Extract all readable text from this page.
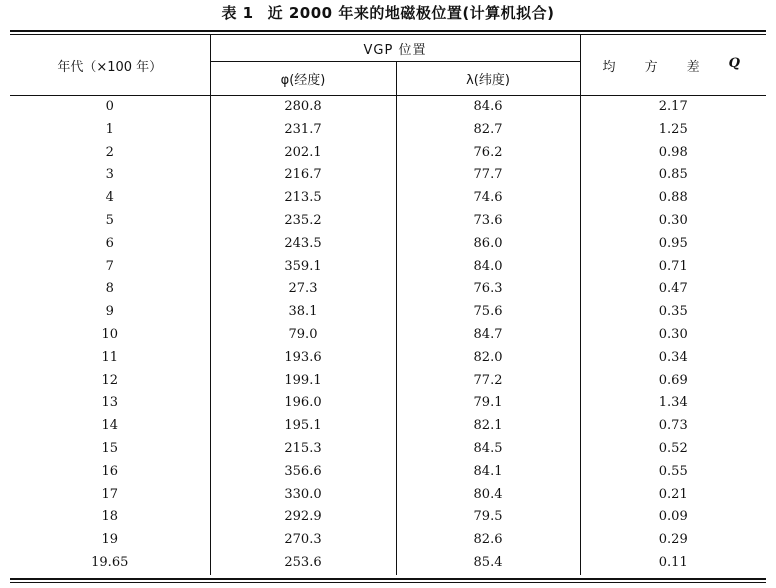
表 1 近 2000 年来的地磁极位置(计算机拟合)
年代（×100 年）	VGP 位置		均 方 差 Q

	φ(经度)	λ(纬度)	
0	280.8	84.6	2.17
1	231.7	82.7	1.25
2	202.1	76.2	0.98
3	216.7	77.7	0.85
4	213.5	74.6	0.88
5	235.2	73.6	0.30
6	243.5	86.0	0.95
7	359.1	84.0	0.71
8	27.3	76.3	0.47
9	38.1	75.6	0.35
10	79.0	84.7	0.30
11	193.6	82.0	0.34
12	199.1	77.2	0.69
13	196.0	79.1	1.34
14	195.1	82.1	0.73
15	215.3	84.5	0.52
16	356.6	84.1	0.55
17	330.0	80.4	0.21
18	292.9	79.5	0.09
19	270.3	82.6	0.29
19.65	253.6	85.4	0.11
